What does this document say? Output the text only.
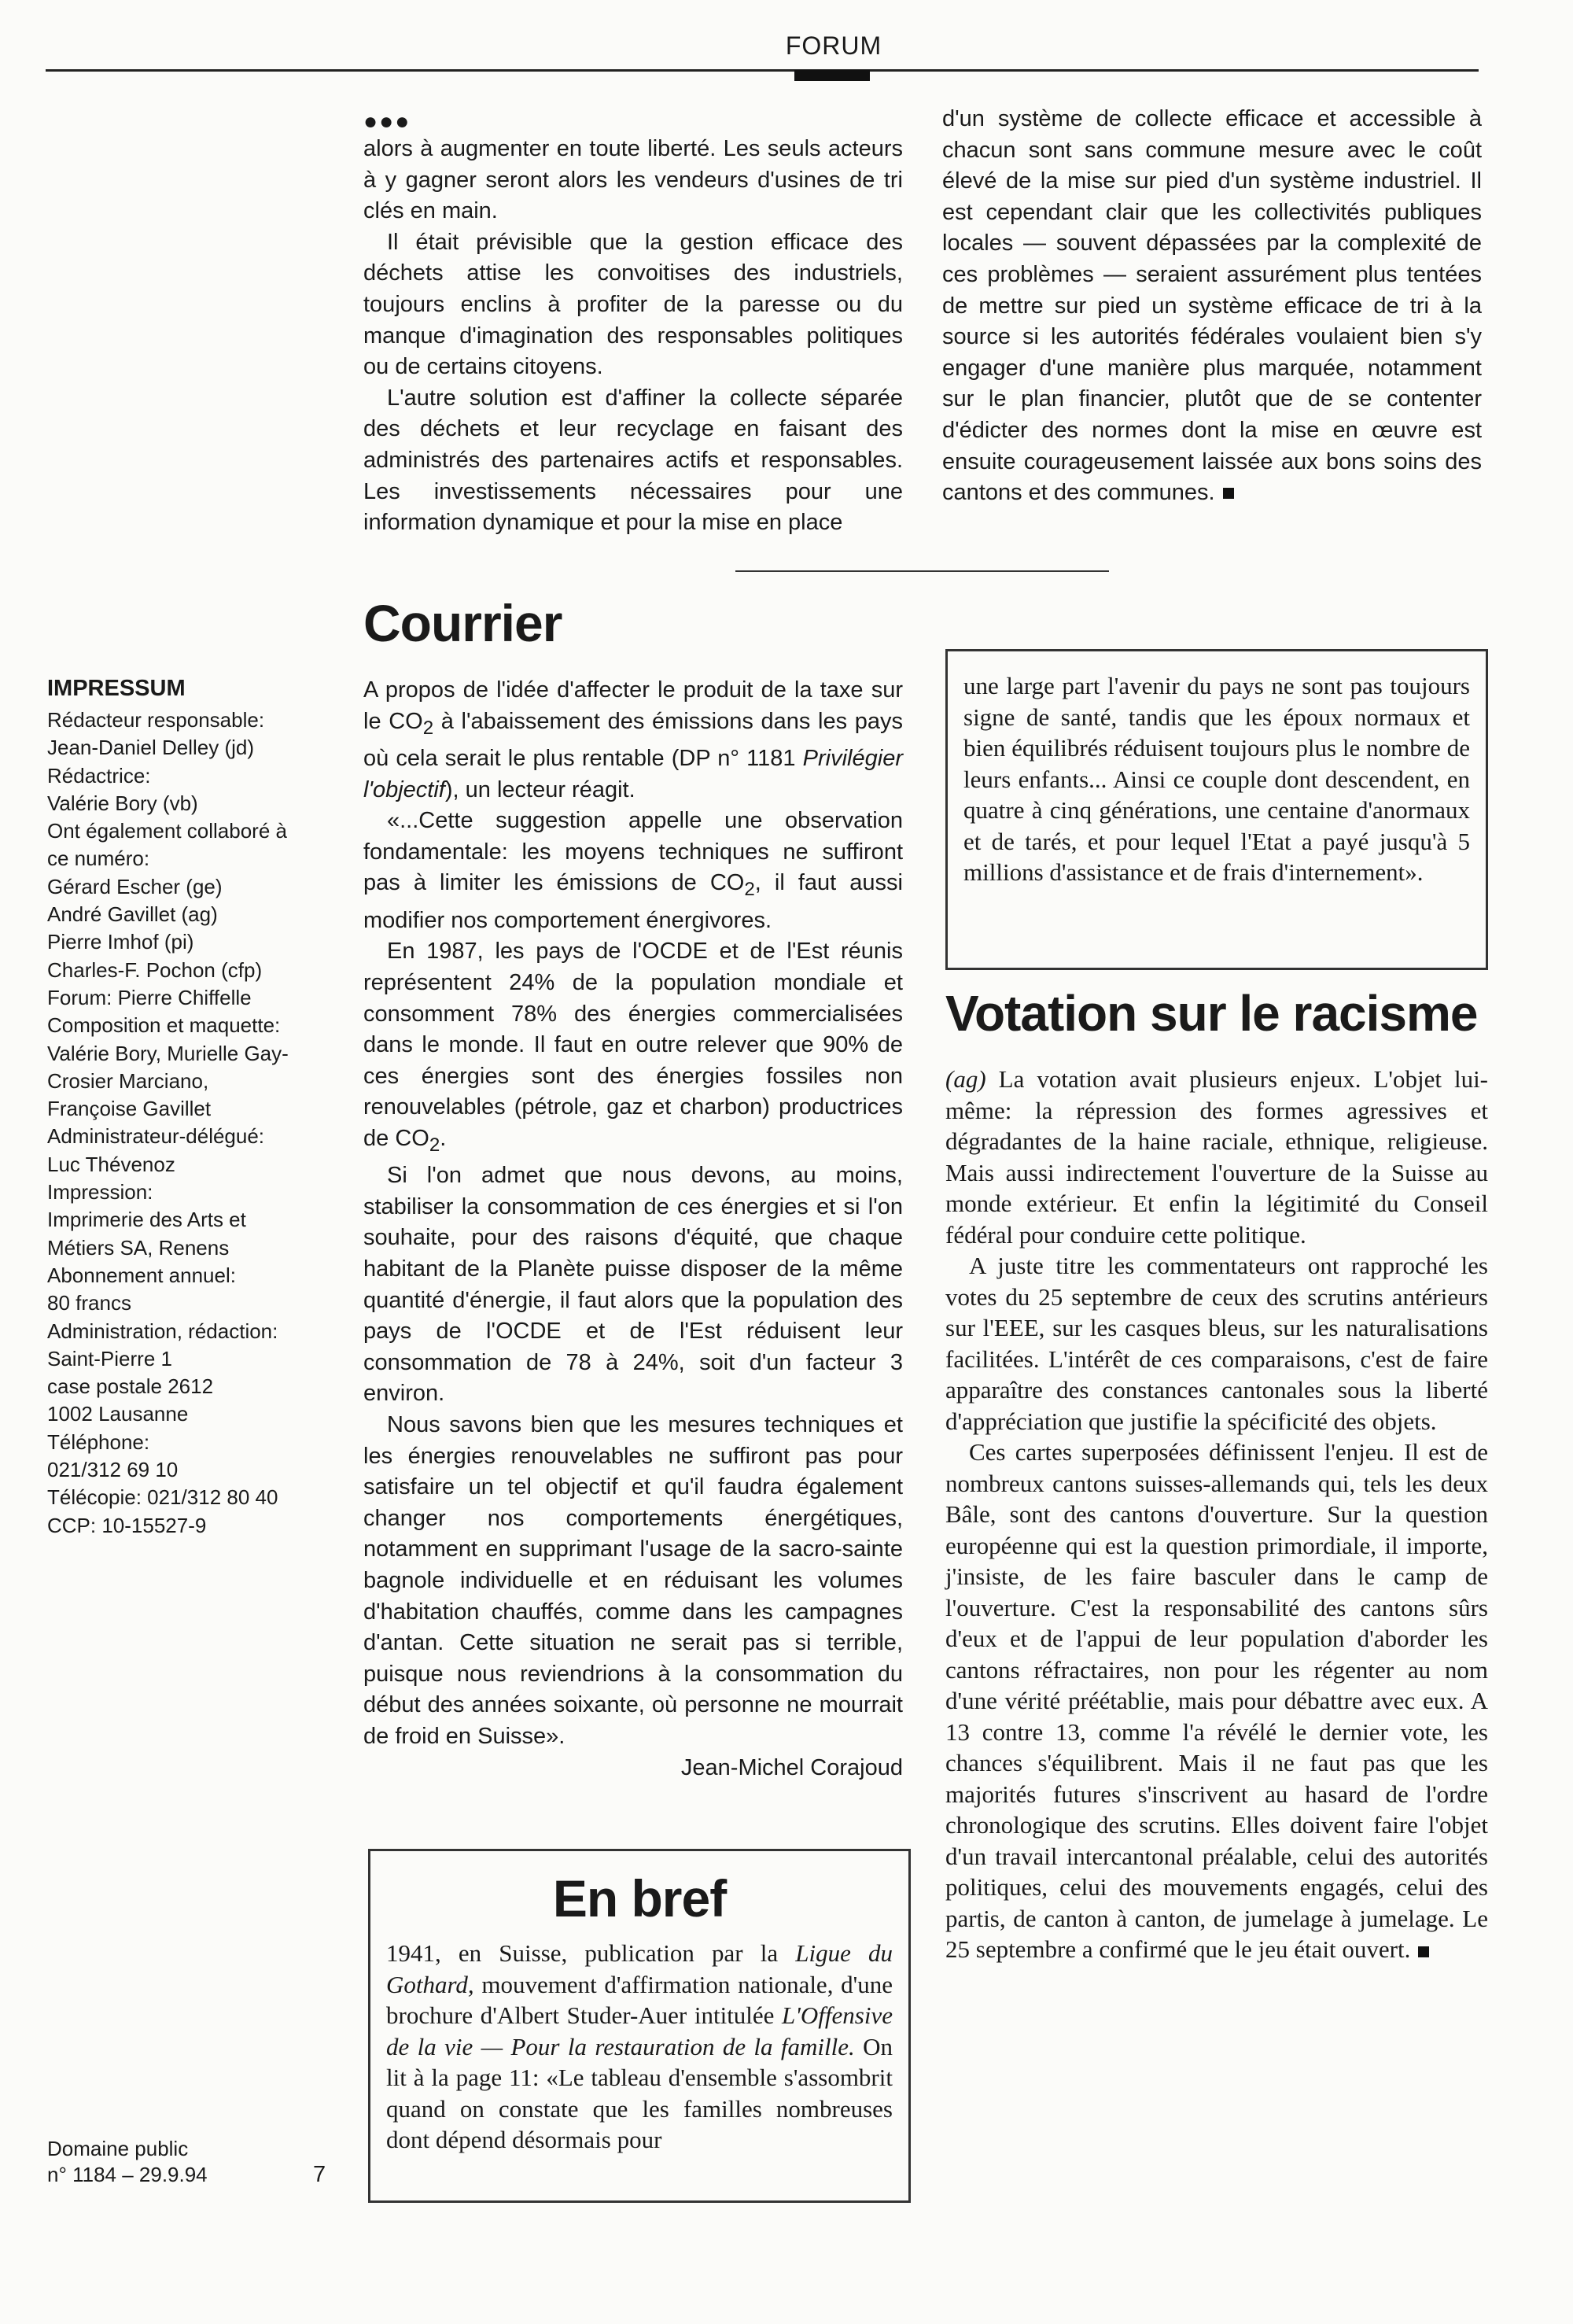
FORUM
●●●

alors à augmenter en toute liberté. Les seuls acteurs à y gagner seront alors les vendeurs d'usines de tri clés en main.

Il était prévisible que la gestion efficace des déchets attise les convoitises des industriels, toujours enclins à profiter de la paresse ou du manque d'imagination des responsables politiques ou de certains citoyens.

L'autre solution est d'affiner la collecte séparée des déchets et leur recyclage en faisant des administrés des partenaires actifs et responsables. Les investissements nécessaires pour une information dynamique et pour la mise en place

d'un système de collecte efficace et accessible à chacun sont sans commune mesure avec le coût élevé de la mise sur pied d'un système industriel. Il est cependant clair que les collectivités publiques locales — souvent dépassées par la complexité de ces problèmes — seraient assurément plus tentées de mettre sur pied un système efficace de tri à la source si les autorités fédérales voulaient bien s'y engager d'une manière plus marquée, notamment sur le plan financier, plutôt que de se contenter d'édicter des normes dont la mise en œuvre est ensuite courageusement laissée aux bons soins des cantons et des communes.

IMPRESSUM
Rédacteur responsable:
Jean-Daniel Delley (jd)
Rédactrice:
Valérie Bory (vb)
Ont également collaboré à
ce numéro:
Gérard Escher (ge)
André Gavillet (ag)
Pierre Imhof (pi)
Charles-F. Pochon (cfp)
Forum: Pierre Chiffelle
Composition et maquette:
Valérie Bory, Murielle Gay-
Crosier Marciano,
Françoise Gavillet
Administrateur-délégué:
Luc Thévenoz
Impression:
Imprimerie des Arts et
Métiers SA, Renens
Abonnement annuel:
80 francs
Administration, rédaction:
Saint-Pierre 1
case postale 2612
1002 Lausanne
Téléphone:
021/312 69 10
Télécopie: 021/312 80 40
CCP: 10-15527-9
Courrier

A propos de l'idée d'affecter le produit de la taxe sur le $CO_2$ à l'abaissement des émissions dans les pays où cela serait le plus rentable (DP n° 1181 Privilégier l'objectif), un lecteur réagit.

«...Cette suggestion appelle une observation fondamentale: les moyens techniques ne suffiront pas à limiter les émissions de $CO_2$, il faut aussi modifier nos comportement énergivores.

En 1987, les pays de l'OCDE et de l'Est réunis représentent 24% de la population mondiale et consomment 78% des énergies commercialisées dans le monde. Il faut en outre relever que 90% de ces énergies sont des énergies fossiles non renouvelables (pétrole, gaz et charbon) productrices de $CO_2$.

Si l'on admet que nous devons, au moins, stabiliser la consommation de ces énergies et si l'on souhaite, pour des raisons d'équité, que chaque habitant de la Planète puisse disposer de la même quantité d'énergie, il faut alors que la population des pays de l'OCDE et de l'Est réduisent leur consommation de 78 à 24%, soit d'un facteur 3 environ.

Nous savons bien que les mesures techniques et les énergies renouvelables ne suffiront pas pour satisfaire un tel objectif et qu'il faudra également changer nos comportements énergétiques, notamment en supprimant l'usage de la sacro-sainte bagnole individuelle et en réduisant les volumes d'habitation chauffés, comme dans les campagnes d'antan. Cette situation ne serait pas si terrible, puisque nous reviendrions à la consommation du début des années soixante, où personne ne mourrait de froid en Suisse».

Jean-Michel Corajoud

En bref

1941, en Suisse, publication par la Ligue du Gothard, mouvement d'affirmation nationale, d'une brochure d'Albert Studer-Auer intitulée L'Offensive de la vie — Pour la restauration de la famille. On lit à la page 11: «Le tableau d'ensemble s'assombrit quand on constate que les familles nombreuses dont dépend désormais pour

une large part l'avenir du pays ne sont pas toujours signe de santé, tandis que les époux normaux et bien équilibrés réduisent toujours plus le nombre de leurs enfants... Ainsi ce couple dont descendent, en quatre à cinq générations, une centaine d'anormaux et de tarés, et pour lequel l'Etat a payé jusqu'à 5 millions d'assistance et de frais d'internement».

Votation sur le racisme

(ag) La votation avait plusieurs enjeux. L'objet lui-même: la répression des formes agressives et dégradantes de la haine raciale, ethnique, religieuse. Mais aussi indirectement l'ouverture de la Suisse au monde extérieur. Et enfin la légitimité du Conseil fédéral pour conduire cette politique.

A juste titre les commentateurs ont rapproché les votes du 25 septembre de ceux des scrutins antérieurs sur l'EEE, sur les casques bleus, sur les naturalisations facilitées. L'intérêt de ces comparaisons, c'est de faire apparaître des constances cantonales sous la liberté d'appréciation que justifie la spécificité des objets.

Ces cartes superposées définissent l'enjeu. Il est de nombreux cantons suisses-allemands qui, tels les deux Bâle, sont des cantons d'ouverture. Sur la question européenne qui est la question primordiale, il importe, j'insiste, de les faire basculer dans le camp de l'ouverture. C'est la responsabilité des cantons sûrs d'eux et de l'appui de leur population d'aborder les cantons réfractaires, non pour les régenter au nom d'une vérité préétablie, mais pour débattre avec eux. A 13 contre 13, comme l'a révélé le dernier vote, les chances s'équilibrent. Mais il ne faut pas que les majorités futures s'inscrivent au hasard de l'ordre chronologique des scrutins. Elles doivent faire l'objet d'un travail intercantonal préalable, celui des autorités politiques, celui des mouvements engagés, celui des partis, de canton à canton, de jumelage à jumelage. Le 25 septembre a confirmé que le jeu était ouvert.

Domaine public
n° 1184 – 29.9.94	7
